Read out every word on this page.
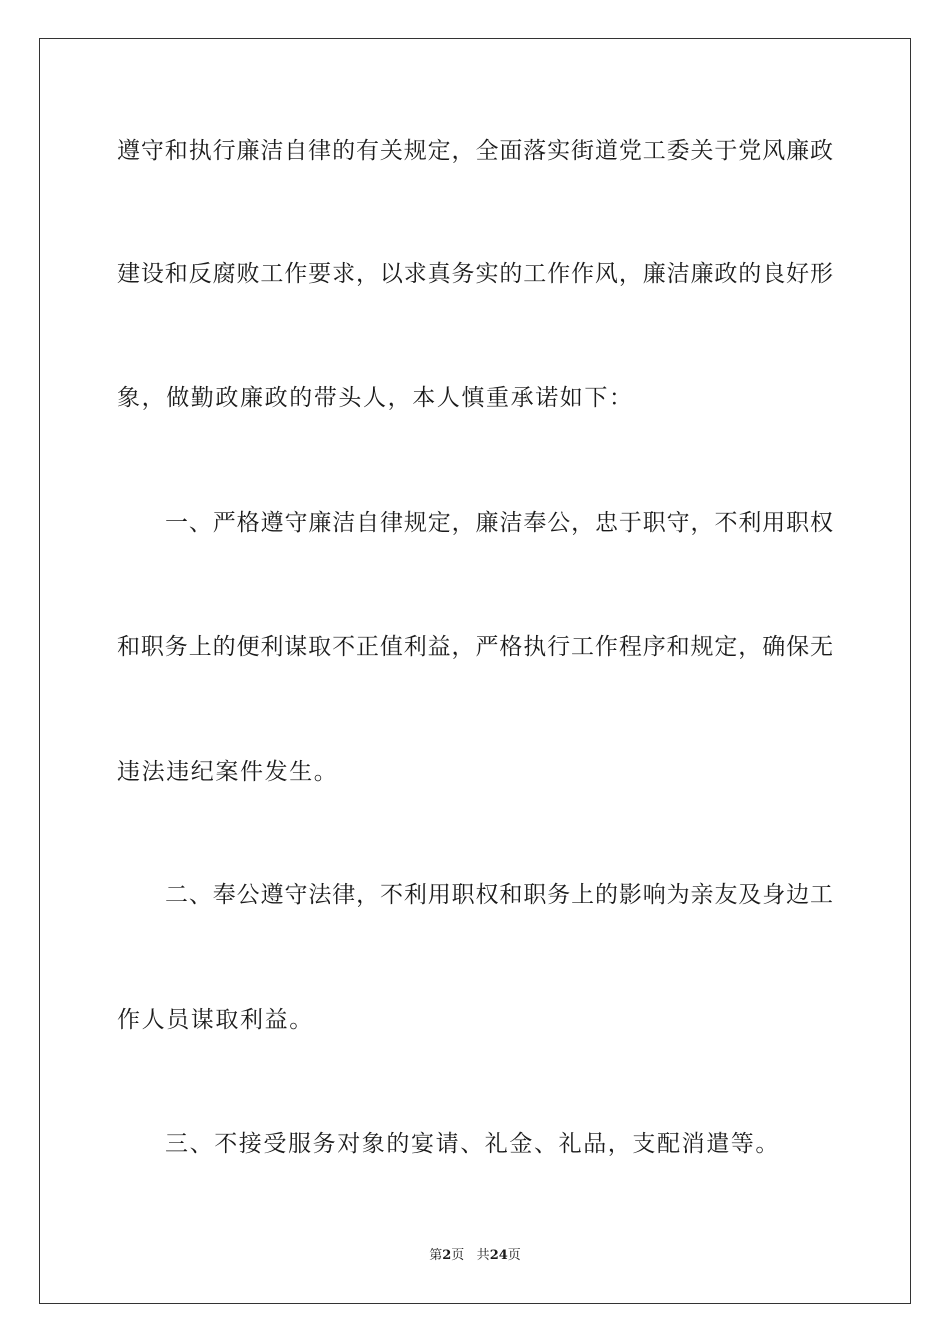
遵守和执行廉洁自律的有关规定，全面落实街道党工委关于党风廉政
建设和反腐败工作要求，以求真务实的工作作风，廉洁廉政的良好形
象，做勤政廉政的带头人，本人慎重承诺如下：
一、严格遵守廉洁自律规定，廉洁奉公，忠于职守，不利用职权
和职务上的便利谋取不正值利益，严格执行工作程序和规定，确保无
违法违纪案件发生。
二、奉公遵守法律，不利用职权和职务上的影响为亲友及身边工
作人员谋取利益。
三、不接受服务对象的宴请、礼金、礼品，支配消遣等。
第2页 共24页
